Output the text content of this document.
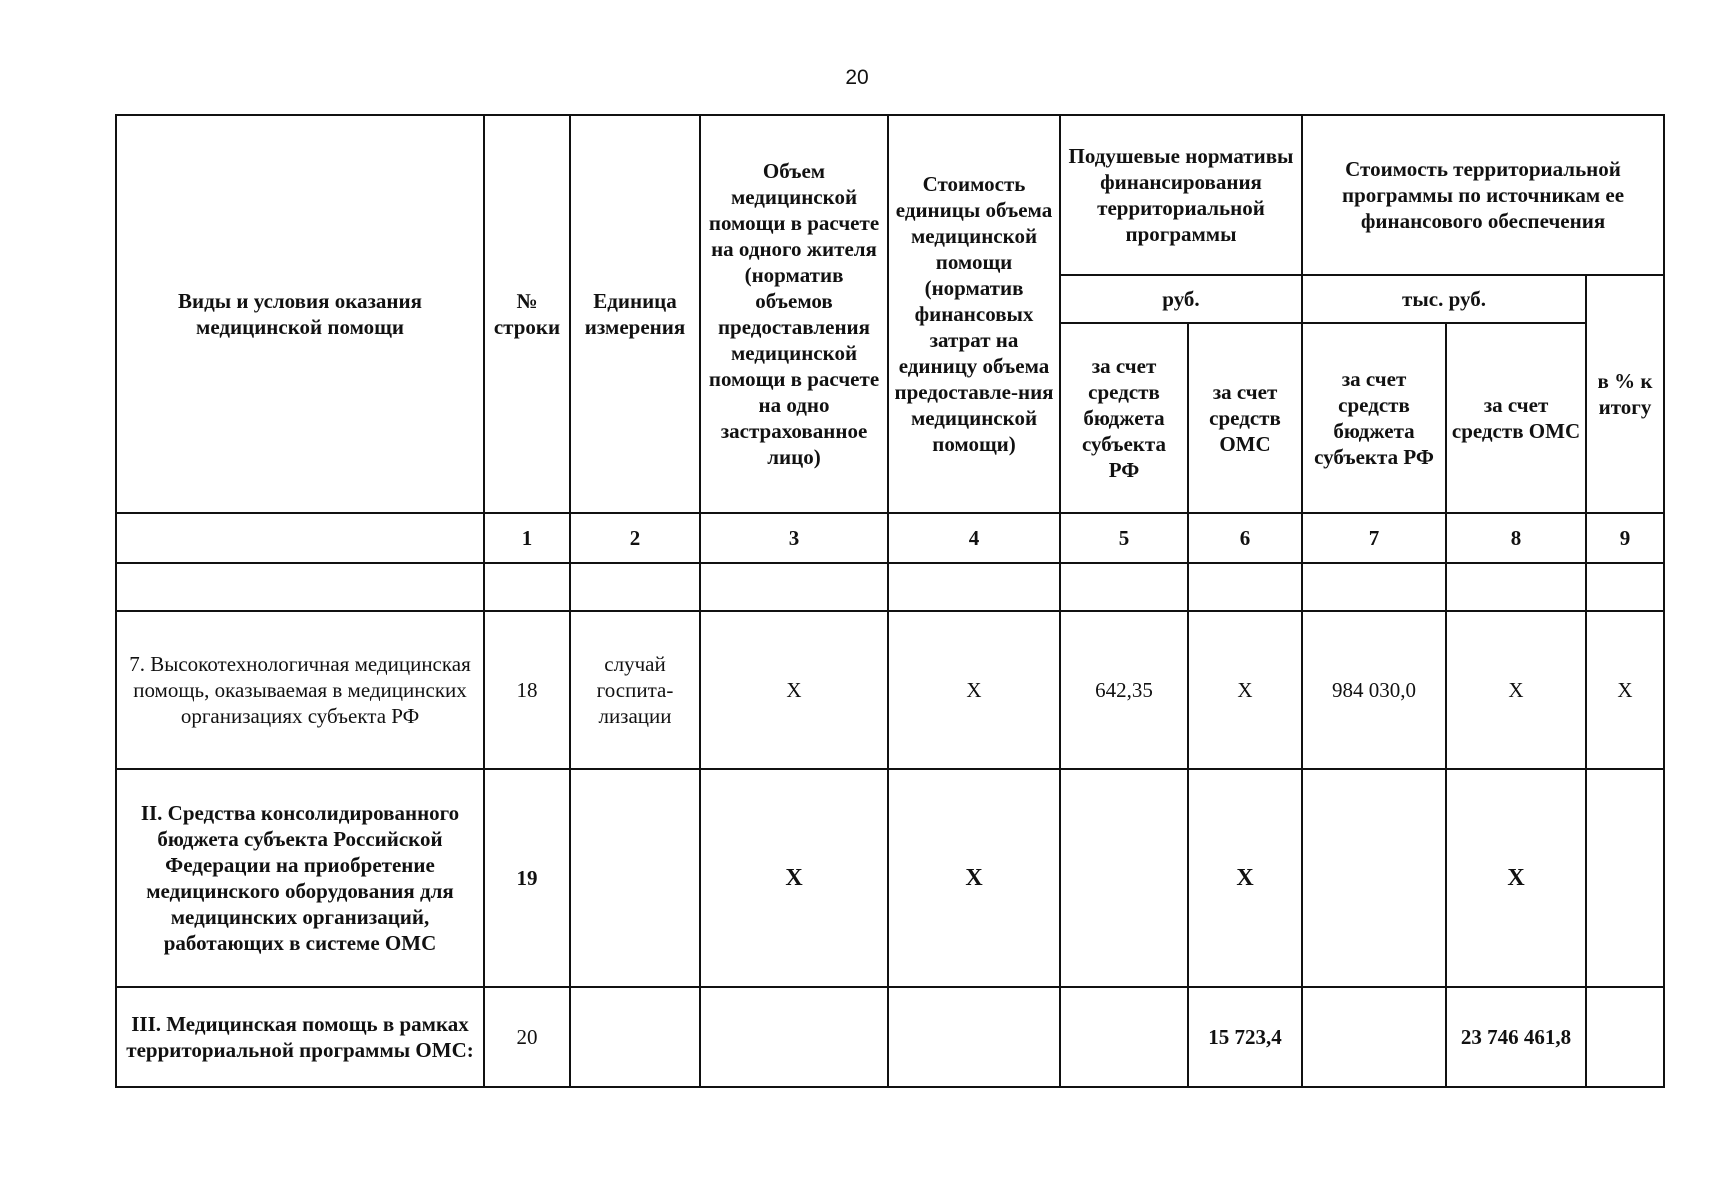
20
Виды и условия оказания медицинской помощи	№ строки	Единица измерения	Объем медицинской помощи в расчете на одного жителя (норматив объемов предоставления медицинской помощи в расчете на одно застрахованное лицо)	Стоимость единицы объема медицинской помощи (норматив финансовых затрат на единицу объема предоставле-ния медицинской помощи)	Подушевые нормативы финансирования территориальной программы		Стоимость территориальной программы по источникам ее финансового обеспечения		
					руб.		тыс. руб.		в % к итогу
					за счет средств бюджета субъекта РФ	за счет средств ОМС	за счет средств бюджета субъекта РФ	за счет средств ОМС	
	1	2	3	4	5	6	7	8	9

7. Высокотехнологичная медицинская помощь, оказываемая в медицинских организациях субъекта РФ	18	случай госпита-лизации	Х	Х	642,35	Х	984 030,0	Х	Х
II. Средства консолидированного бюджета субъекта Российской Федерации на приобретение медицинского оборудования для медицинских организаций, работающих в системе ОМС	19		Х	Х		Х		Х	
III. Медицинская помощь в рамках территориальной программы ОМС:	20					15 723,4		23 746 461,8	
